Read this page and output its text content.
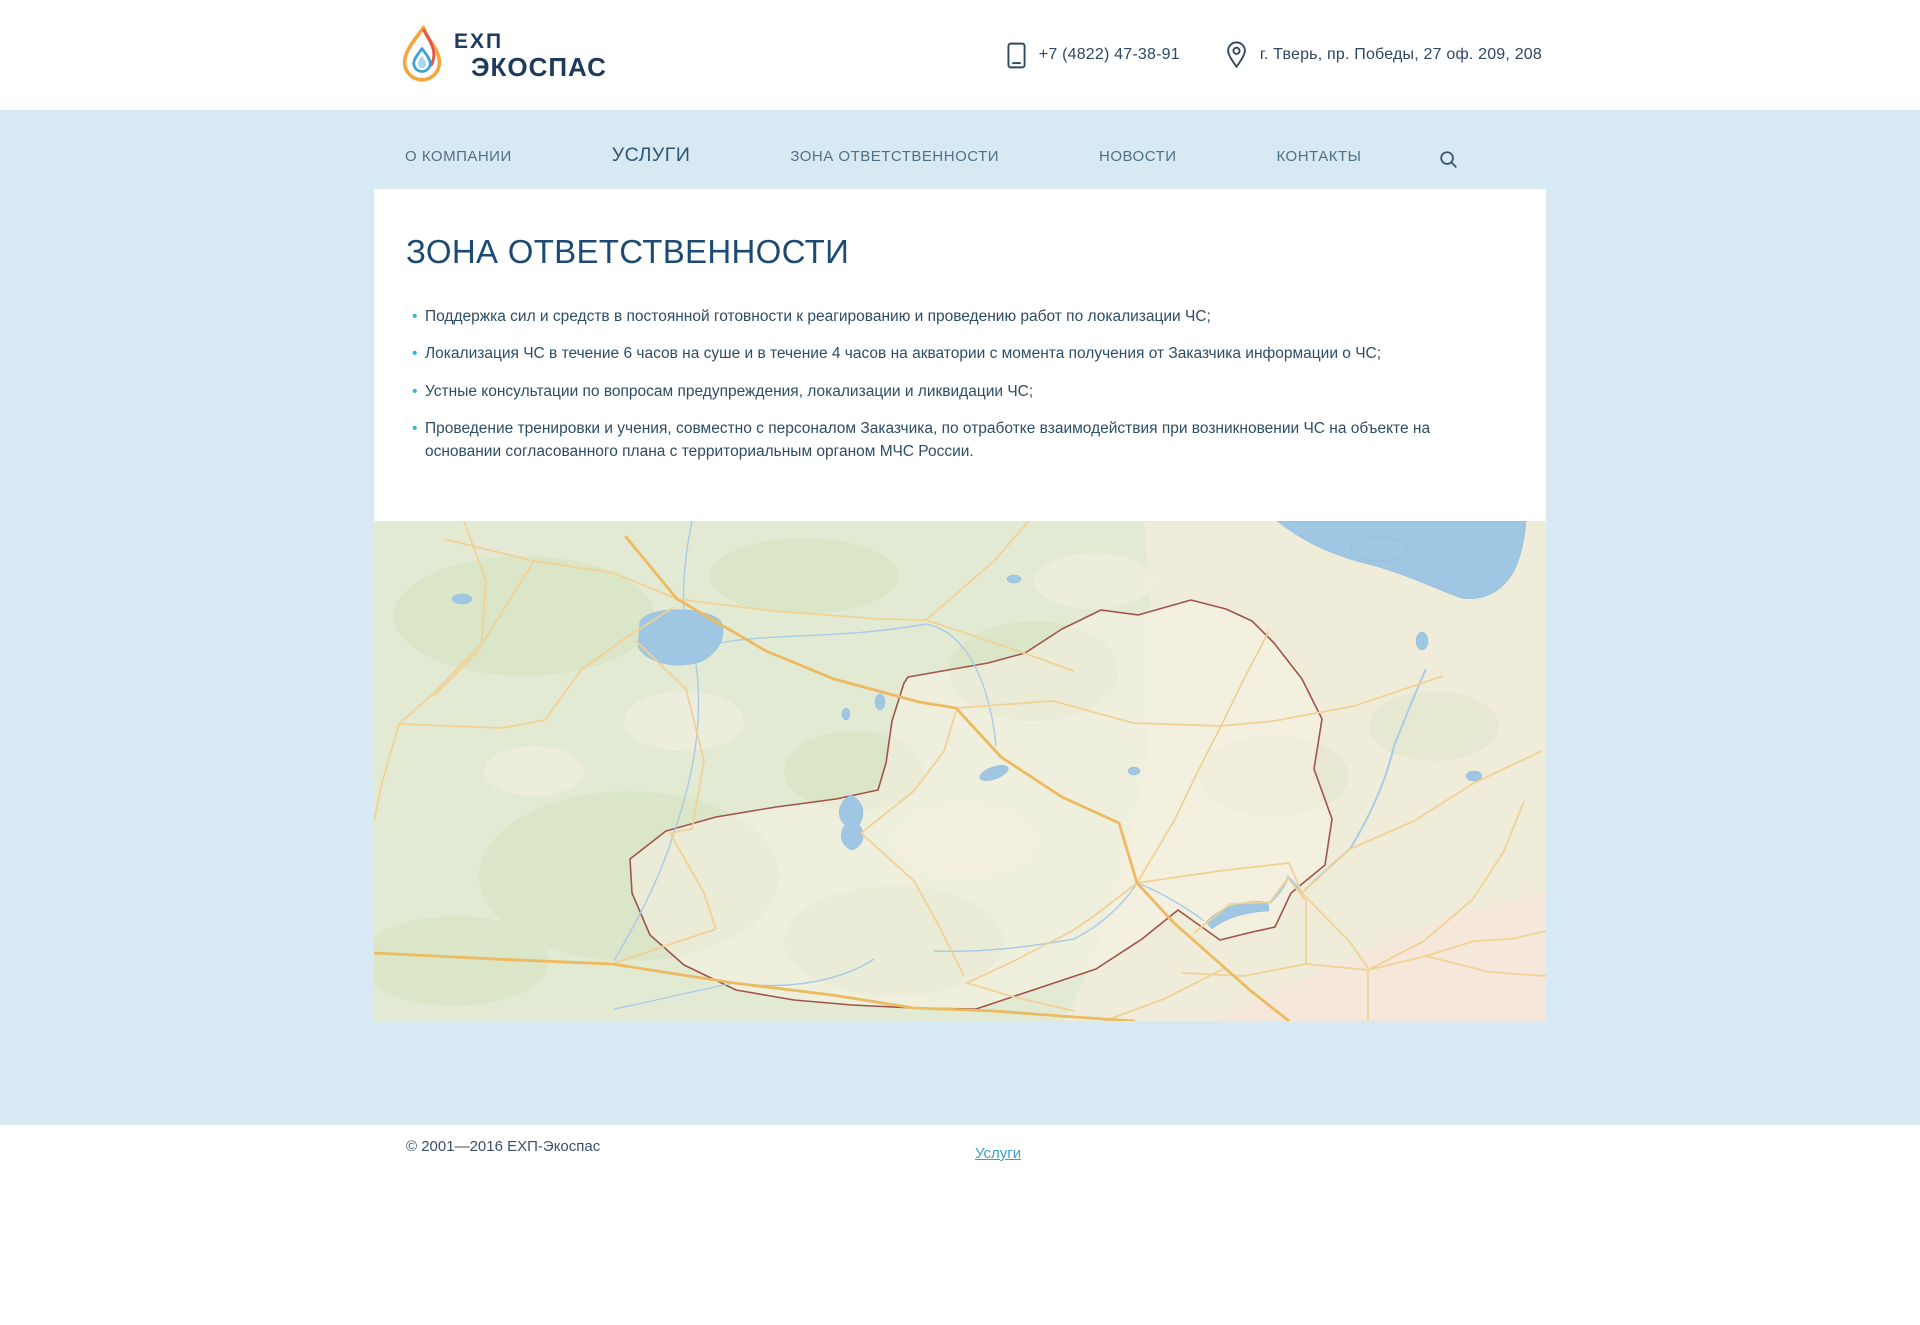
ЕХП
ЭКОСПАС	+7 (4822) 47-38-91	г. Тверь, пр. Победы, 27 оф. 209, 208
О КОМПАНИИ	УСЛУГИ	ЗОНА ОТВЕТСТВЕННОСТИ	НОВОСТИ	КОНТАКТЫ
ЗОНА ОТВЕТСТВЕННОСТИ
• Поддержка сил и средств в постоянной готовности к реагированию и проведению работ по локализации ЧС;
• Локализация ЧС в течение 6 часов на суше и в течение 4 часов на акватории с момента получения от Заказчика информации о ЧС;
• Устные консультации по вопросам предупреждения, локализации и ликвидации ЧС;
• Проведение тренировки и учения, совместно с персоналом Заказчика, по отработке взаимодействия при возникновении ЧС на объекте на основании согласованного плана с территориальным органом МЧС России.
© 2001—2016 ЕХП-Экоспас	Услуги
